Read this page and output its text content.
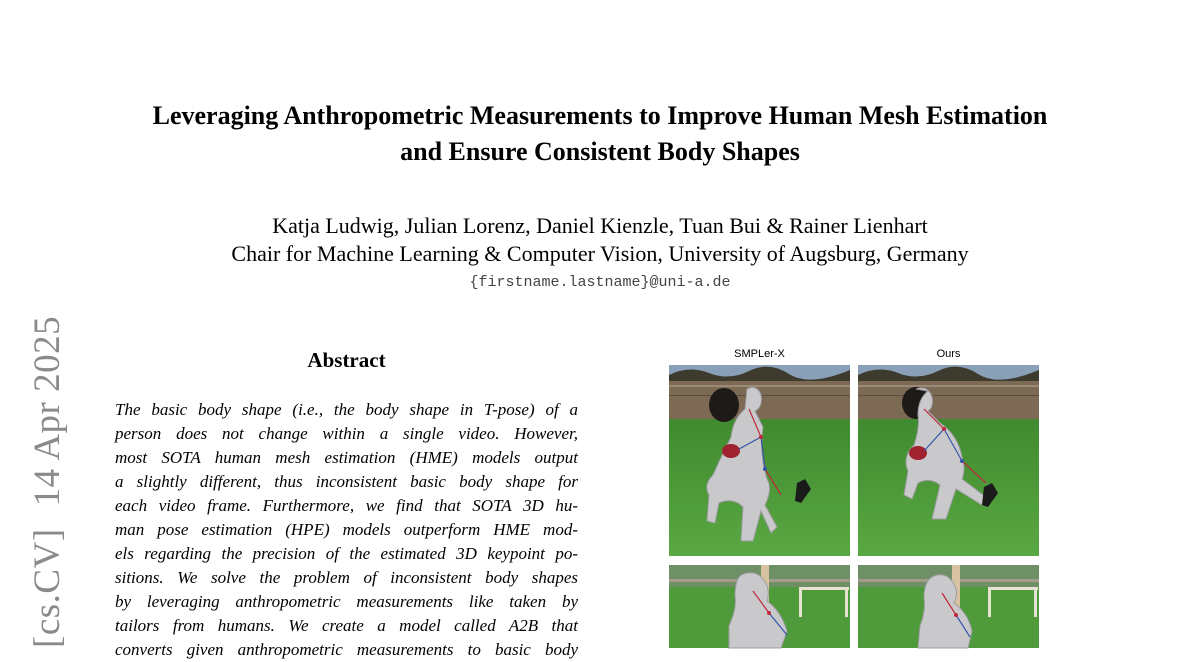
[cs.CV]14 Apr 2025
Leveraging Anthropometric Measurements to Improve Human Mesh Estimation
and Ensure Consistent Body Shapes
Katja Ludwig, Julian Lorenz, Daniel Kienzle, Tuan Bui & Rainer Lienhart
Chair for Machine Learning & Computer Vision, University of Augsburg, Germany
{firstname.lastname}@uni-a.de
Abstract
The basic body shape (i.e., the body shape in T-pose) of a
person does not change within a single video. However,
most SOTA human mesh estimation (HME) models output
a slightly different, thus inconsistent basic body shape for
each video frame. Furthermore, we find that SOTA 3D hu-
man pose estimation (HPE) models outperform HME mod-
els regarding the precision of the estimated 3D keypoint po-
sitions. We solve the problem of inconsistent body shapes
by leveraging anthropometric measurements like taken by
tailors from humans. We create a model called A2B that
converts given anthropometric measurements to basic body
SMPLer-X	Ours
